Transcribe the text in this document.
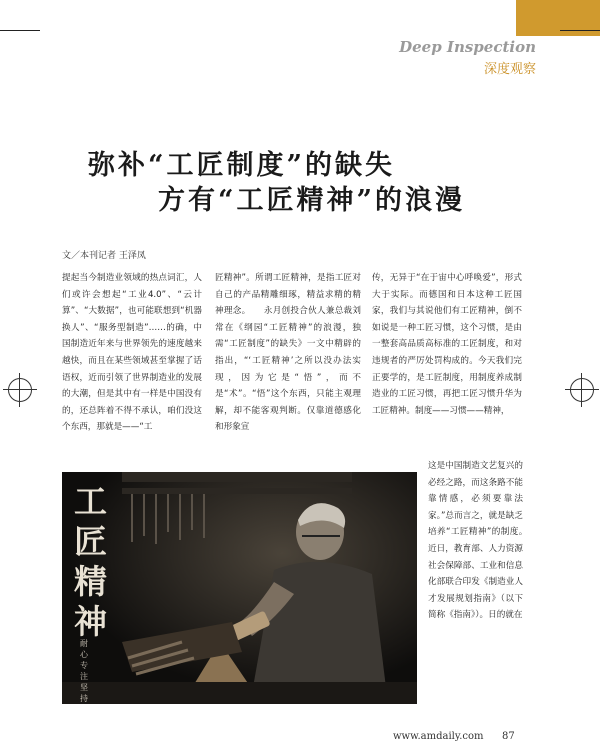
Deep Inspection
深度观察
弥补“工匠制度”的缺失
方有“工匠精神”的浪漫
文／本刊记者 王泽凤

提起当今制造业领域的热点词汇，人们或许会想起“工业4.0”、“云计算”、“大数据”，也可能联想到“机器换人”、“服务型制造”……的确，中国制造近年来与世界领先的速度越来越快，而且在某些领域甚至掌握了话语权，近而引领了世界制造业的发展的大潮，但是其中有一样是中国没有的，还总阵着不得不承认，咱们没这个东西，那就是——“工

匠精神”。所谓工匠精神，是指工匠对自己的产品精雕细琢，精益求精的精神理念。　　永月创投合伙人兼总裁刘常在《纲园“工匠精神”的浪漫，独需“工匠制度”的缺失》一文中精辟的指出，“‘工匠精神’之所以没办法实现，因为它是“悟”，而不是“术”。“悟”这个东西，只能主观理解，却不能客观判断。仅靠道德感化和形象宣

传，无异于“在于宙中心呼唤爱”，形式大于实际。而德国和日本这种工匠国家，我们与其说他们有工匠精神，倒不如说是一种工匠习惯，这个习惯，是由一整套高品质高标准的工匠制度，和对违规者的严厉处罚构成的。今天我们完正要学的，是工匠制度，用制度养成制造业的工匠习惯，再把工匠习惯升华为工匠精神。制度——习惯——精神，

这是中国制造文艺复兴的必经之路，而这条路不能靠情感，必须要靠法家。”总而言之，就是缺乏培养“工匠精神”的制度。　　近日，教育部、人力资源社会保障部、工业和信息化部联合印发《制造业人才发展规划指南》（以下简称《指南》）。日的就在

工匠精神
耐心专注坚持
www.amdaily.com 87
